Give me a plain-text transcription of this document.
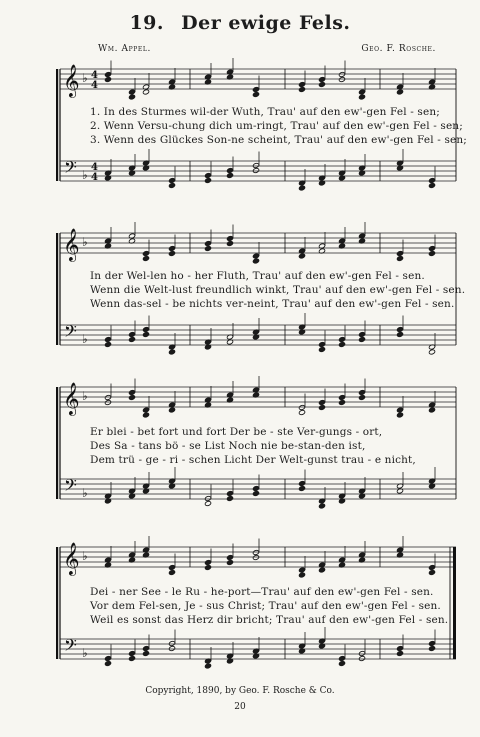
19. Der ewige Fels.
Wm. Appel.	Geo. F. Rosche.
𝄞
𝄢
♭
♭
4
4
4
4
1. In des Sturmes wil-der Wuth, Trau' auf den ew'-gen Fel - sen;
2. Wenn Versu-chung dich um-ringt, Trau' auf den ew'-gen Fel - sen;
3. Wenn des Glückes Son-ne scheint, Trau' auf den ew'-gen Fel - sen;
𝄞
𝄢
♭
♭
In der Wel-len ho - her Fluth, Trau' auf den ew'-gen Fel - sen.
Wenn die Welt-lust freundlich winkt, Trau' auf den ew'-gen Fel - sen.
Wenn das-sel - be nichts ver-neint, Trau' auf den ew'-gen Fel - sen.
𝄞
𝄢
♭
♭
Er blei - bet fort und fort Der be - ste Ver-gungs - ort,
Des Sa - tans bö - se List Noch nie be-stan-den ist,
Dem trü - ge - ri - schen Licht Der Welt-gunst trau - e nicht,
𝄞
𝄢
♭
♭
Dei - ner See - le Ru - he-port—Trau' auf den ew'-gen Fel - sen.
Vor dem Fel-sen, Je - sus Christ; Trau' auf den ew'-gen Fel - sen.
Weil es sonst das Herz dir bricht; Trau' auf den ew'-gen Fel - sen.
Copyright, 1890, by Geo. F. Rosche & Co.
20
